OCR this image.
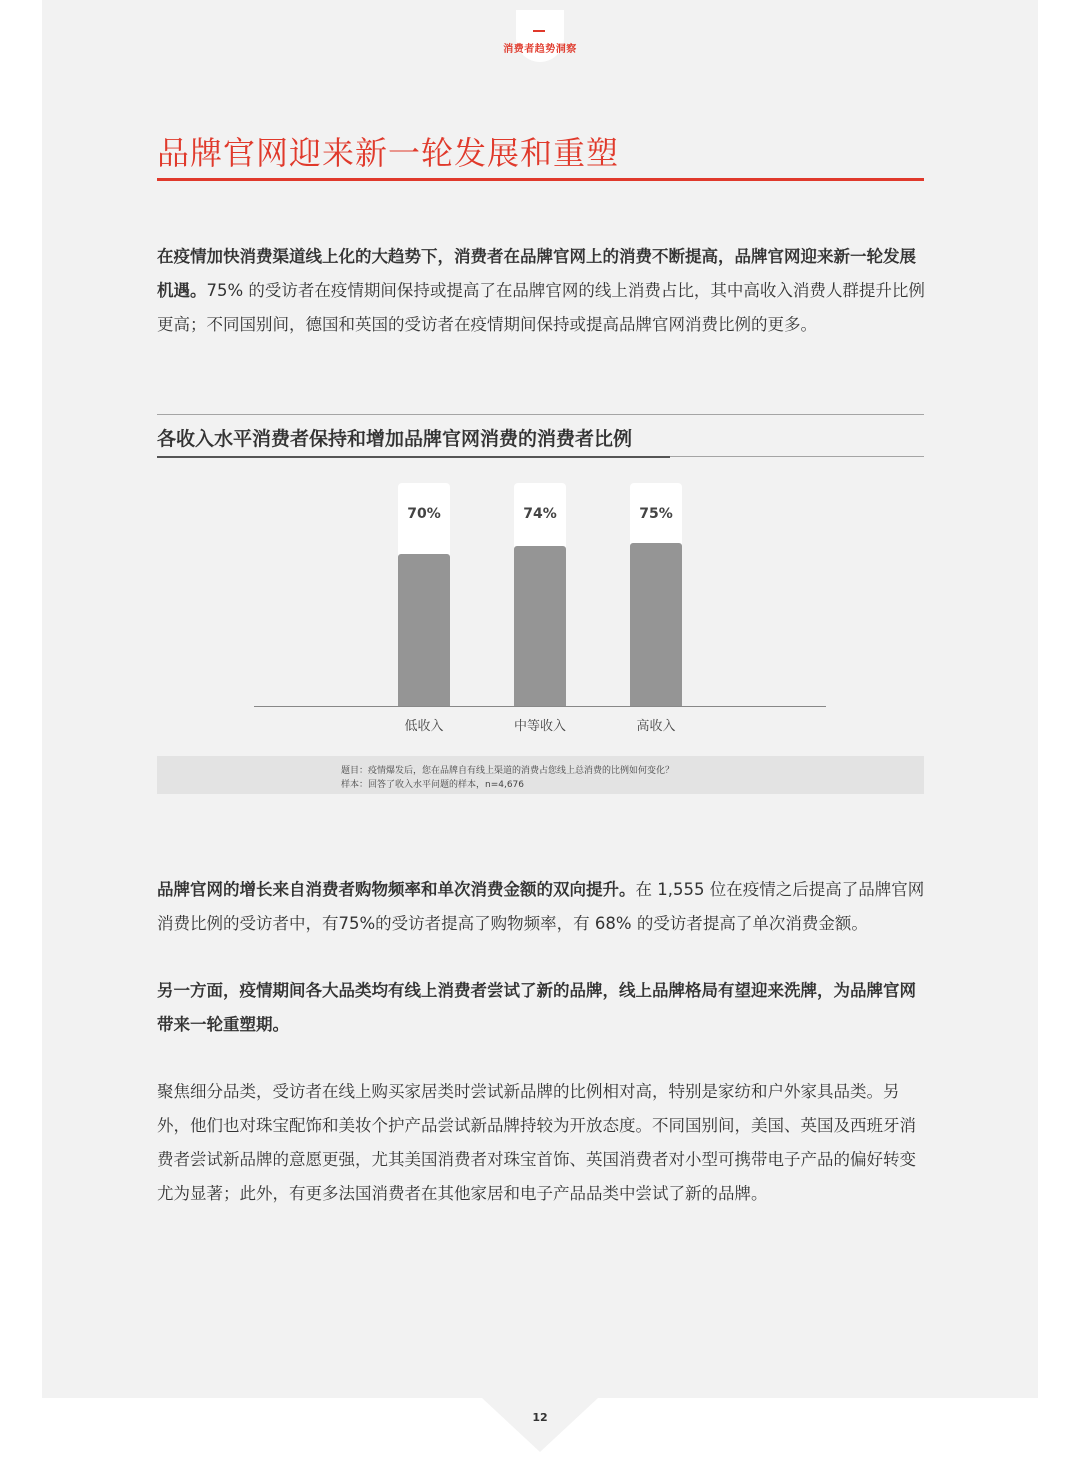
消费者趋势洞察
品牌官网迎来新一轮发展和重塑

在疫情加快消费渠道线上化的大趋势下，消费者在品牌官网上的消费不断提高，品牌官网迎来新一轮发展机遇。75% 的受访者在疫情期间保持或提高了在品牌官网的线上消费占比，其中高收入消费人群提升比例更高；不同国别间，德国和英国的受访者在疫情期间保持或提高品牌官网消费比例的更多。

各收入水平消费者保持和增加品牌官网消费的消费者比例
70%
低收入
74%
中等收入
75%
高收入

题目：疫情爆发后，您在品牌自有线上渠道的消费占您线上总消费的比例如何变化？

样本：回答了收入水平问题的样本，n=4,676

品牌官网的增长来自消费者购物频率和单次消费金额的双向提升。在 1,555 位在疫情之后提高了品牌官网消费比例的受访者中，有75%的受访者提高了购物频率，有 68% 的受访者提高了单次消费金额。

另一方面，疫情期间各大品类均有线上消费者尝试了新的品牌，线上品牌格局有望迎来洗牌，为品牌官网带来一轮重塑期。

聚焦细分品类，受访者在线上购买家居类时尝试新品牌的比例相对高，特别是家纺和户外家具品类。另外，他们也对珠宝配饰和美妆个护产品尝试新品牌持较为开放态度。不同国别间，美国、英国及西班牙消费者尝试新品牌的意愿更强，尤其美国消费者对珠宝首饰、英国消费者对小型可携带电子产品的偏好转变尤为显著；此外，有更多法国消费者在其他家居和电子产品品类中尝试了新的品牌。

12
